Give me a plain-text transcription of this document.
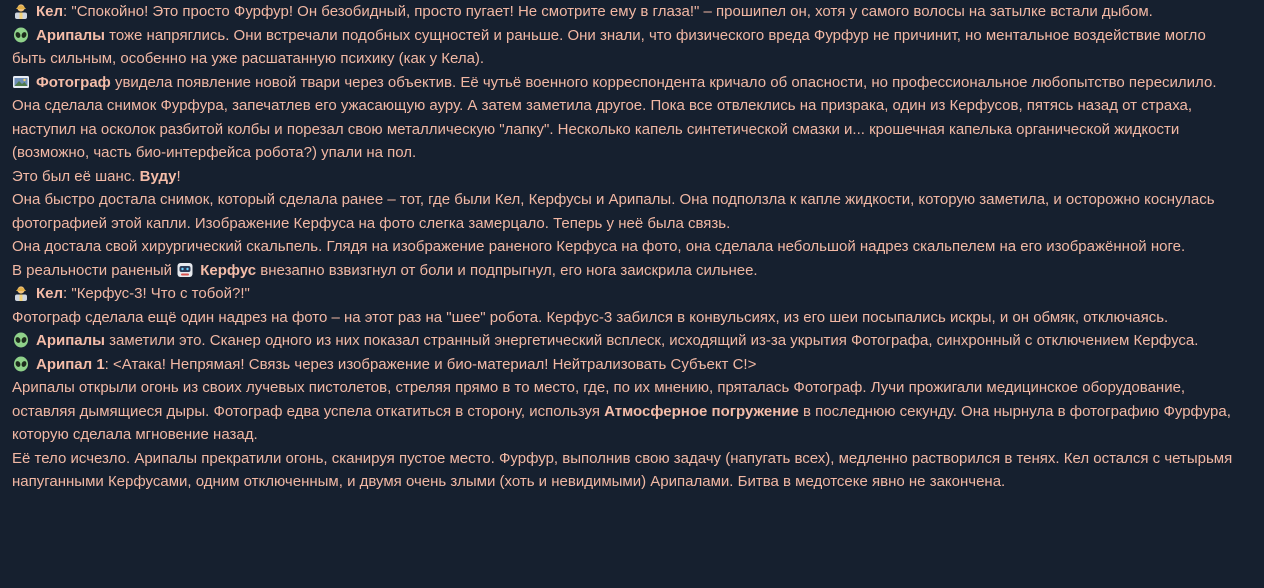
Кел: "Спокойно! Это просто Фурфур! Он безобидный, просто пугает! Не смотрите ему в глаза!" – прошипел он, хотя у самого волосы на затылке встали дыбом.

Арипалы тоже напряглись. Они встречали подобных сущностей и раньше. Они знали, что физического вреда Фурфур не причинит, но ментальное воздействие могло быть сильным, особенно на уже расшатанную психику (как у Кела).

Фотограф увидела появление новой твари через объектив. Её чутьё военного корреспондента кричало об опасности, но профессиональное любопытство пересилило. Она сделала снимок Фурфура, запечатлев его ужасающую ауру. А затем заметила другое. Пока все отвлеклись на призрака, один из Керфусов, пятясь назад от страха, наступил на осколок разбитой колбы и порезал свою металлическую "лапку". Несколько капель синтетической смазки и... крошечная капелька органической жидкости (возможно, часть био-интерфейса робота?) упали на пол.

Это был её шанс. Вуду!

Она быстро достала снимок, который сделала ранее – тот, где были Кел, Керфусы и Арипалы. Она подползла к капле жидкости, которую заметила, и осторожно коснулась фотографией этой капли. Изображение Керфуса на фото слегка замерцало. Теперь у неё была связь.

Она достала свой хирургический скальпель. Глядя на изображение раненого Керфуса на фото, она сделала небольшой надрез скальпелем на его изображённой ноге.

В реальности раненый
Керфус внезапно взвизгнул от боли и подпрыгнул, его нога заискрила сильнее.

Кел: "Керфус-3! Что с тобой?!"

Фотограф сделала ещё один надрез на фото – на этот раз на "шее" робота. Керфус-3 забился в конвульсиях, из его шеи посыпались искры, и он обмяк, отключаясь.

Арипалы заметили это. Сканер одного из них показал странный энергетический всплеск, исходящий из-за укрытия Фотографа, синхронный с отключением Керфуса.

Арипал 1: <Атака! Непрямая! Связь через изображение и био-материал! Нейтрализовать Субъект С!>

Арипалы открыли огонь из своих лучевых пистолетов, стреляя прямо в то место, где, по их мнению, пряталась Фотограф. Лучи прожигали медицинское оборудование, оставляя дымящиеся дыры. Фотограф едва успела откатиться в сторону, используя Атмосферное погружение в последнюю секунду. Она нырнула в фотографию Фурфура, которую сделала мгновение назад.

Её тело исчезло. Арипалы прекратили огонь, сканируя пустое место. Фурфур, выполнив свою задачу (напугать всех), медленно растворился в тенях. Кел остался с четырьмя напуганными Керфусами, одним отключенным, и двумя очень злыми (хоть и невидимыми) Арипалами. Битва в медотсеке явно не закончена.
